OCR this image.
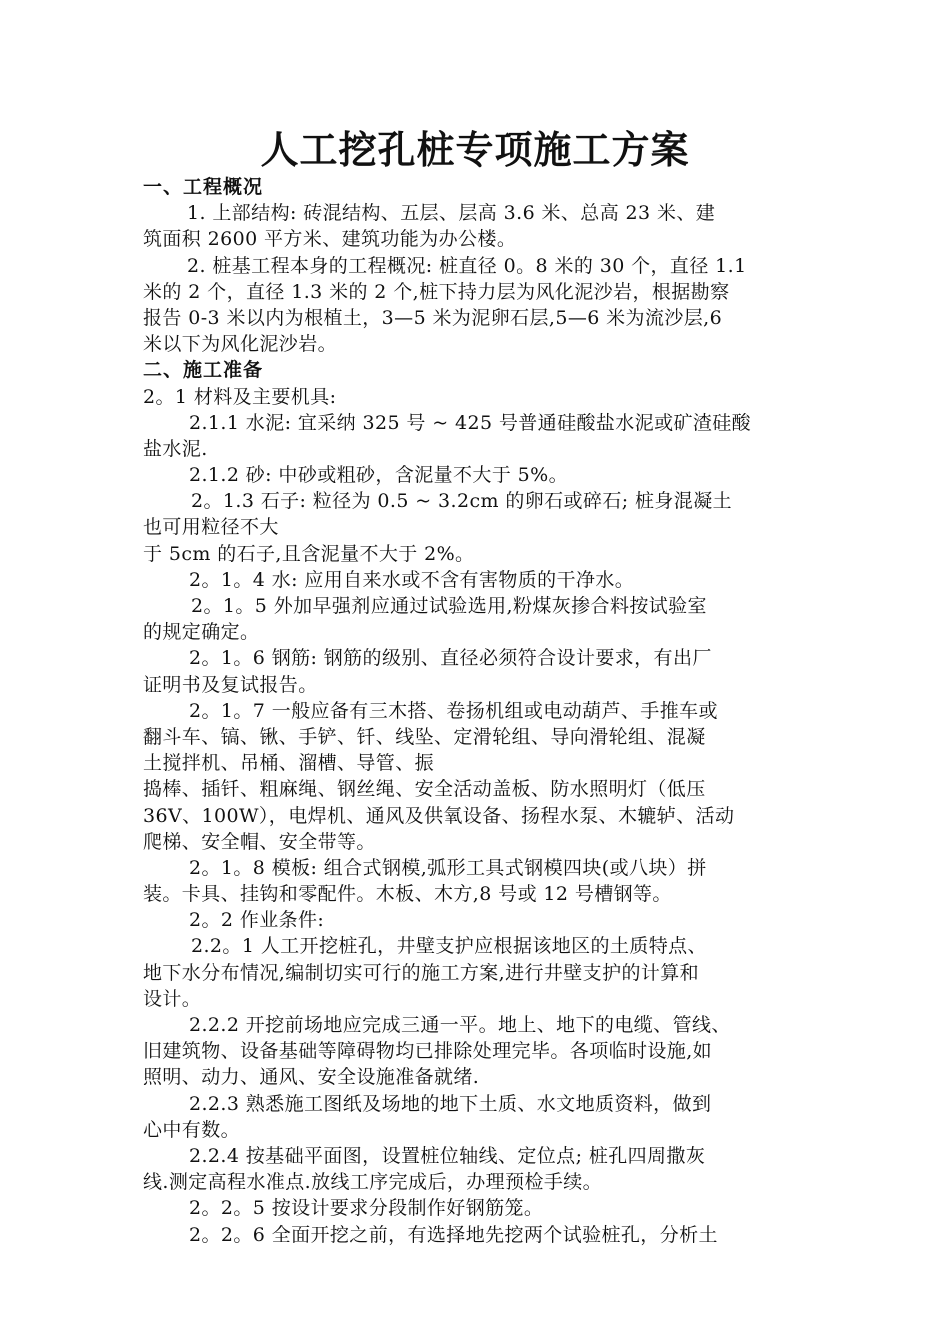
人工挖孔桩专项施工方案
一、工程概况
1. 上部结构: 砖混结构、五层、层高 3.6 米、总高 23 米、建
筑面积 2600 平方米、建筑功能为办公楼。
2. 桩基工程本身的工程概况: 桩直径 0。8 米的 30 个，直径 1.1
米的 2 个，直径 1.3 米的 2 个,桩下持力层为风化泥沙岩，根据勘察
报告 0-3 米以内为根植土，3—5 米为泥卵石层,5—6 米为流沙层,6
米以下为风化泥沙岩。
二、施工准备
2。1 材料及主要机具:
2.1.1 水泥: 宜采纳 325 号 ~ 425 号普通硅酸盐水泥或矿渣硅酸
盐水泥.
2.1.2 砂: 中砂或粗砂，含泥量不大于 5%。
2。1.3 石子: 粒径为 0.5 ~ 3.2cm 的卵石或碎石; 桩身混凝土
也可用粒径不大
于 5cm 的石子,且含泥量不大于 2%。
2。1。4 水: 应用自来水或不含有害物质的干净水。
2。1。5 外加早强剂应通过试验选用,粉煤灰掺合料按试验室
的规定确定。
2。1。6 钢筋: 钢筋的级别、直径必须符合设计要求，有出厂
证明书及复试报告。
2。1。7 一般应备有三木搭、卷扬机组或电动葫芦、手推车或
翻斗车、镐、锹、手铲、钎、线坠、定滑轮组、导向滑轮组、混凝
土搅拌机、吊桶、溜槽、导管、振
捣棒、插钎、粗麻绳、钢丝绳、安全活动盖板、防水照明灯（低压
36V、100W），电焊机、通风及供氧设备、扬程水泵、木辘轳、活动
爬梯、安全帽、安全带等。
2。1。8 模板: 组合式钢模,弧形工具式钢模四块(或八块）拼
装。卡具、挂钩和零配件。木板、木方,8 号或 12 号槽钢等。
2。2 作业条件:
2.2。1 人工开挖桩孔，井壁支护应根据该地区的土质特点、
地下水分布情况,编制切实可行的施工方案,进行井壁支护的计算和
设计。
2.2.2 开挖前场地应完成三通一平。地上、地下的电缆、管线、
旧建筑物、设备基础等障碍物均已排除处理完毕。各项临时设施,如
照明、动力、通风、安全设施准备就绪.
2.2.3 熟悉施工图纸及场地的地下土质、水文地质资料，做到
心中有数。
2.2.4 按基础平面图，设置桩位轴线、定位点; 桩孔四周撒灰
线.测定高程水准点.放线工序完成后，办理预检手续。
2。2。5 按设计要求分段制作好钢筋笼。
2。2。6 全面开挖之前，有选择地先挖两个试验桩孔，分析土
